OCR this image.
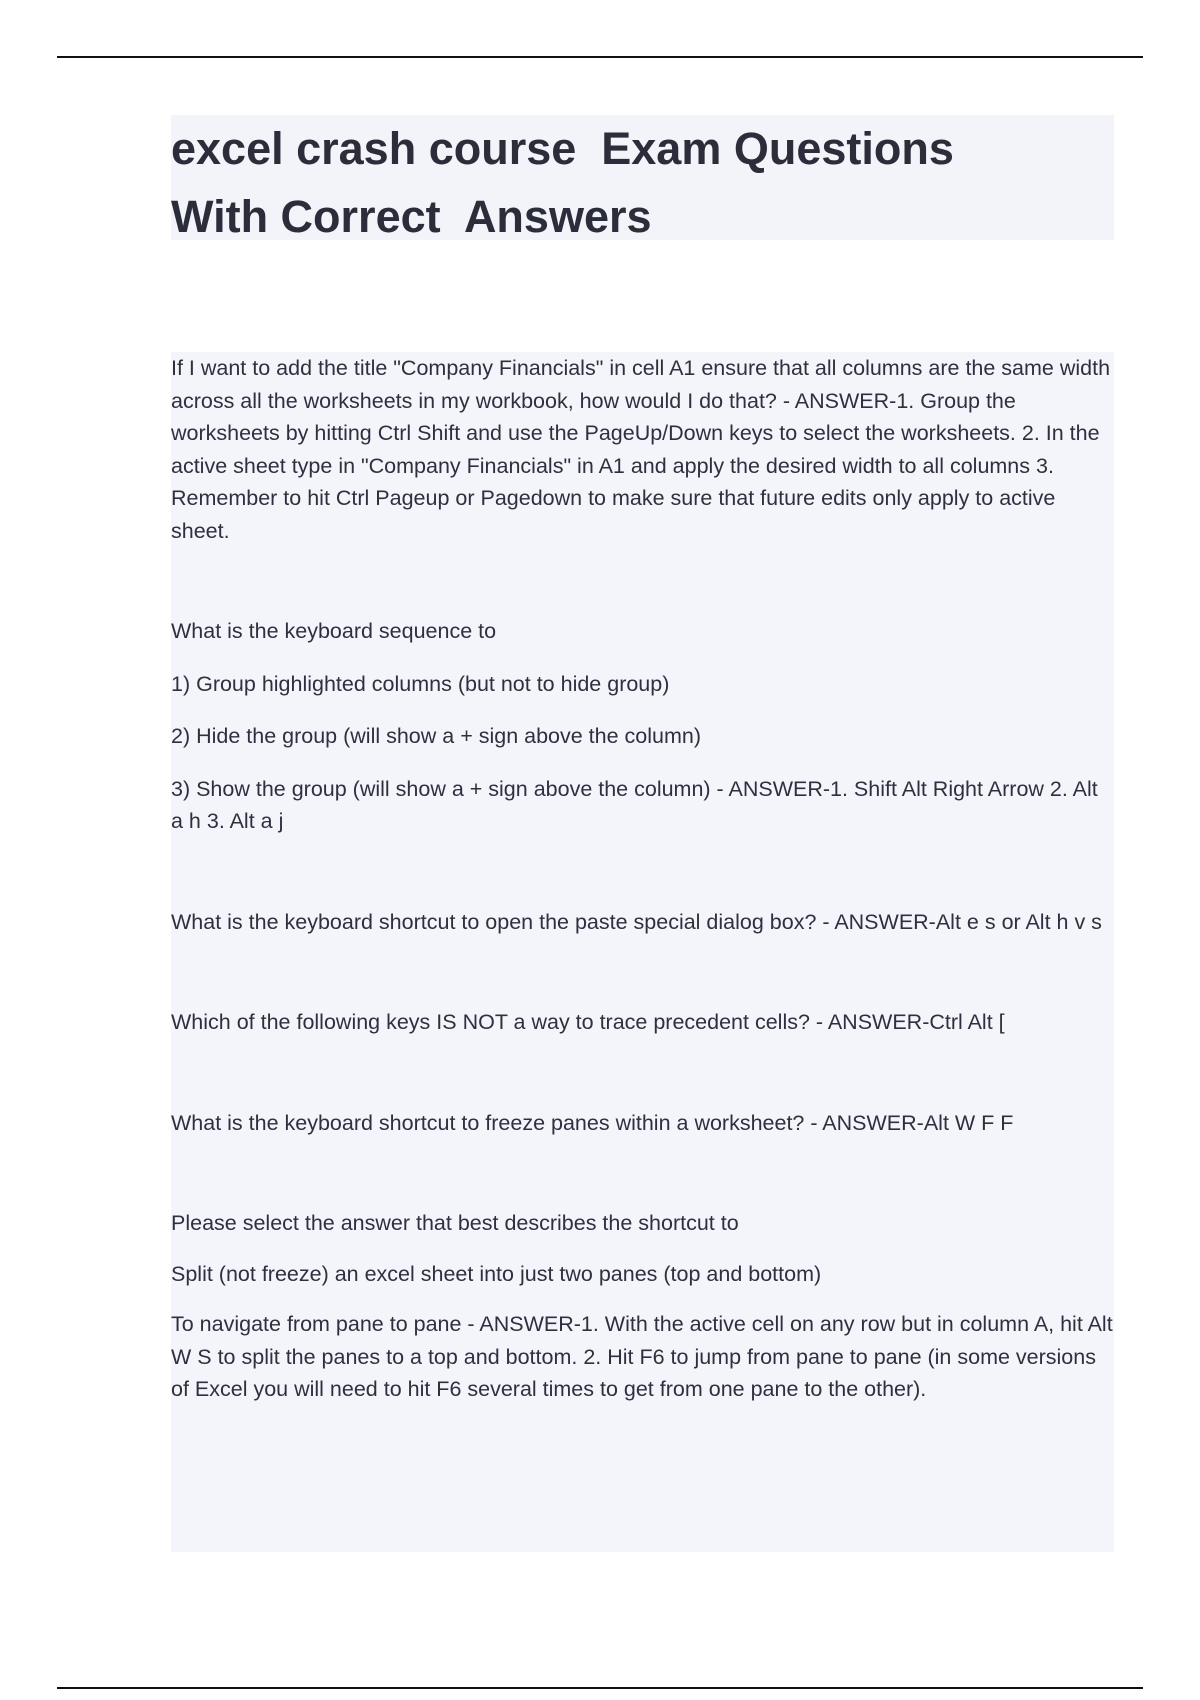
excel crash course  Exam Questions
With Correct  Answers

If I want to add the title "Company Financials" in cell A1 ensure that all columns are the same width across all the worksheets in my workbook, how would I do that? - ANSWER-1. Group the worksheets by hitting Ctrl Shift and use the PageUp/Down keys to select the worksheets. 2. In the active sheet type in "Company Financials" in A1 and apply the desired width to all columns 3. Remember to hit Ctrl Pageup or Pagedown to make sure that future edits only apply to active sheet.

What is the keyboard sequence to

1) Group highlighted columns (but not to hide group)

2) Hide the group (will show a + sign above the column)

3) Show the group (will show a + sign above the column) - ANSWER-1. Shift Alt Right Arrow 2. Alt a h 3. Alt a j

What is the keyboard shortcut to open the paste special dialog box? - ANSWER-Alt e s or Alt h v s

Which of the following keys IS NOT a way to trace precedent cells? - ANSWER-Ctrl Alt [

What is the keyboard shortcut to freeze panes within a worksheet? - ANSWER-Alt W F F

Please select the answer that best describes the shortcut to

Split (not freeze) an excel sheet into just two panes (top and bottom)

To navigate from pane to pane - ANSWER-1. With the active cell on any row but in column A, hit Alt W S to split the panes to a top and bottom. 2. Hit F6 to jump from pane to pane (in some versions of Excel you will need to hit F6 several times to get from one pane to the other).
